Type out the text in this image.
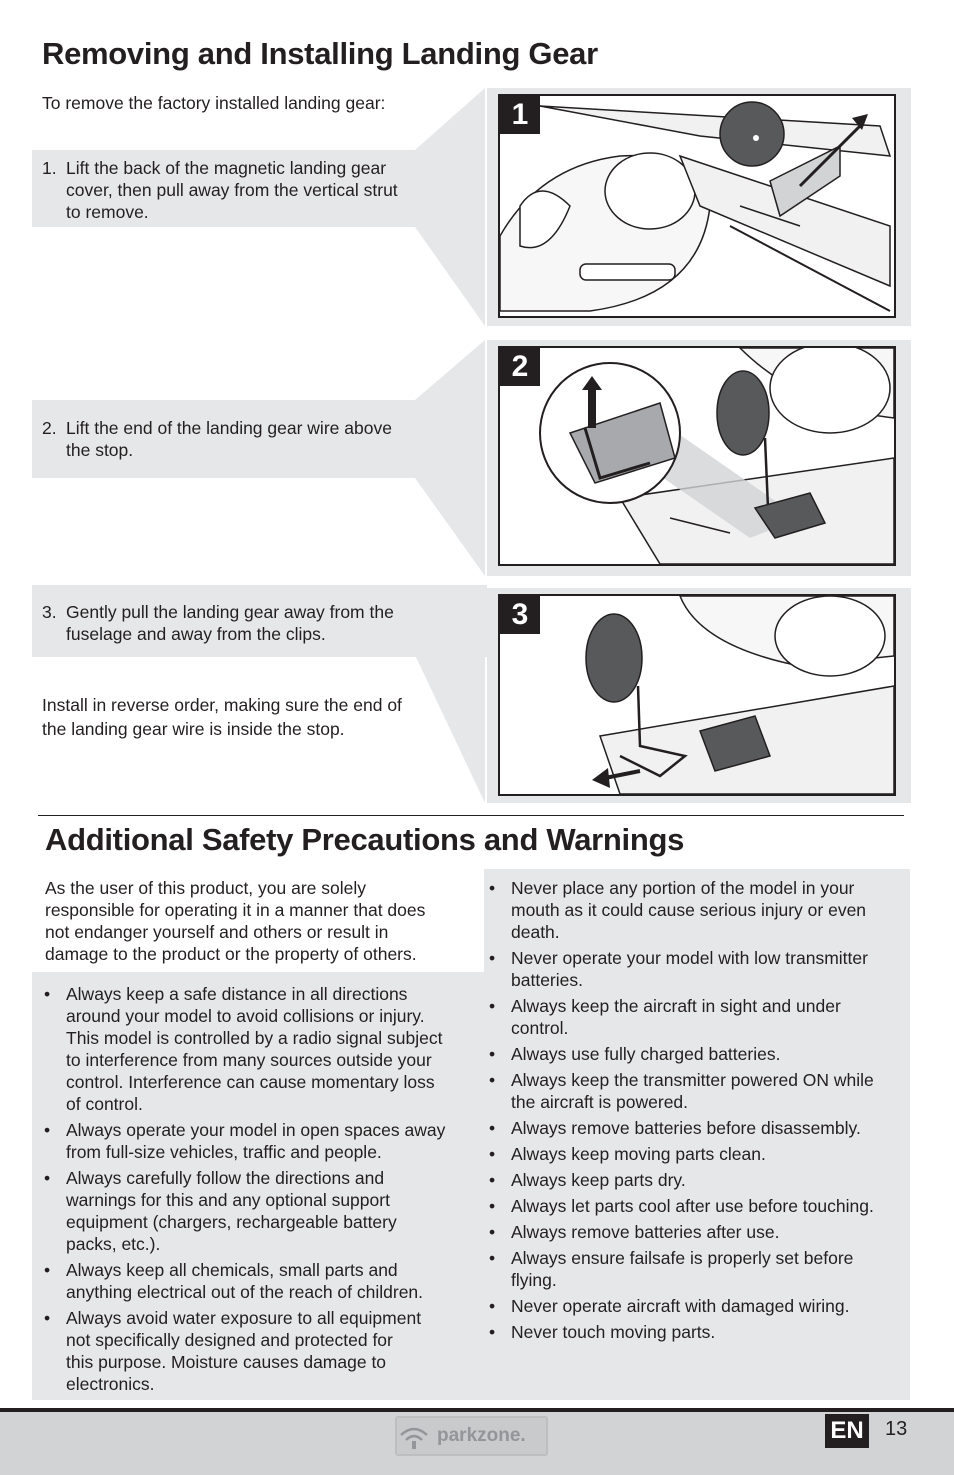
Removing and Installing Landing Gear
To remove the factory installed landing gear:
1. Lift the back of the magnetic landing gear
cover, then pull away from the vertical strut
to remove.
2. Lift the end of the landing gear wire above
the stop.
3. Gently pull the landing gear away from the
fuselage and away from the clips.
Install in reverse order, making sure the end of
the landing gear wire is inside the stop.
1
2
3
Additional Safety Precautions and Warnings
As the user of this product, you are solely
responsible for operating it in a manner that does
not endanger yourself and others or result in
damage to the product or the property of others.
• Always keep a safe distance in all directions
around your model to avoid collisions or injury.
This model is controlled by a radio signal subject
to interference from many sources outside your
control. Interference can cause momentary loss
of control.
• Always operate your model in open spaces away
from full-size vehicles, traffic and people.
• Always carefully follow the directions and
warnings for this and any optional support
equipment (chargers, rechargeable battery
packs, etc.).
• Always keep all chemicals, small parts and
anything electrical out of the reach of children.
• Always avoid water exposure to all equipment
not specifically designed and protected for
this purpose. Moisture causes damage to
electronics.
• Never place any portion of the model in your
mouth as it could cause serious injury or even
death.
• Never operate your model with low transmitter
batteries.
• Always keep the aircraft in sight and under
control.
• Always use fully charged batteries.
• Always keep the transmitter powered ON while
the aircraft is powered.
• Always remove batteries before disassembly.
• Always keep moving parts clean.
• Always keep parts dry.
• Always let parts cool after use before touching.
• Always remove batteries after use.
• Always ensure failsafe is properly set before
flying.
• Never operate aircraft with damaged wiring.
• Never touch moving parts.
parkzone.	EN 13
